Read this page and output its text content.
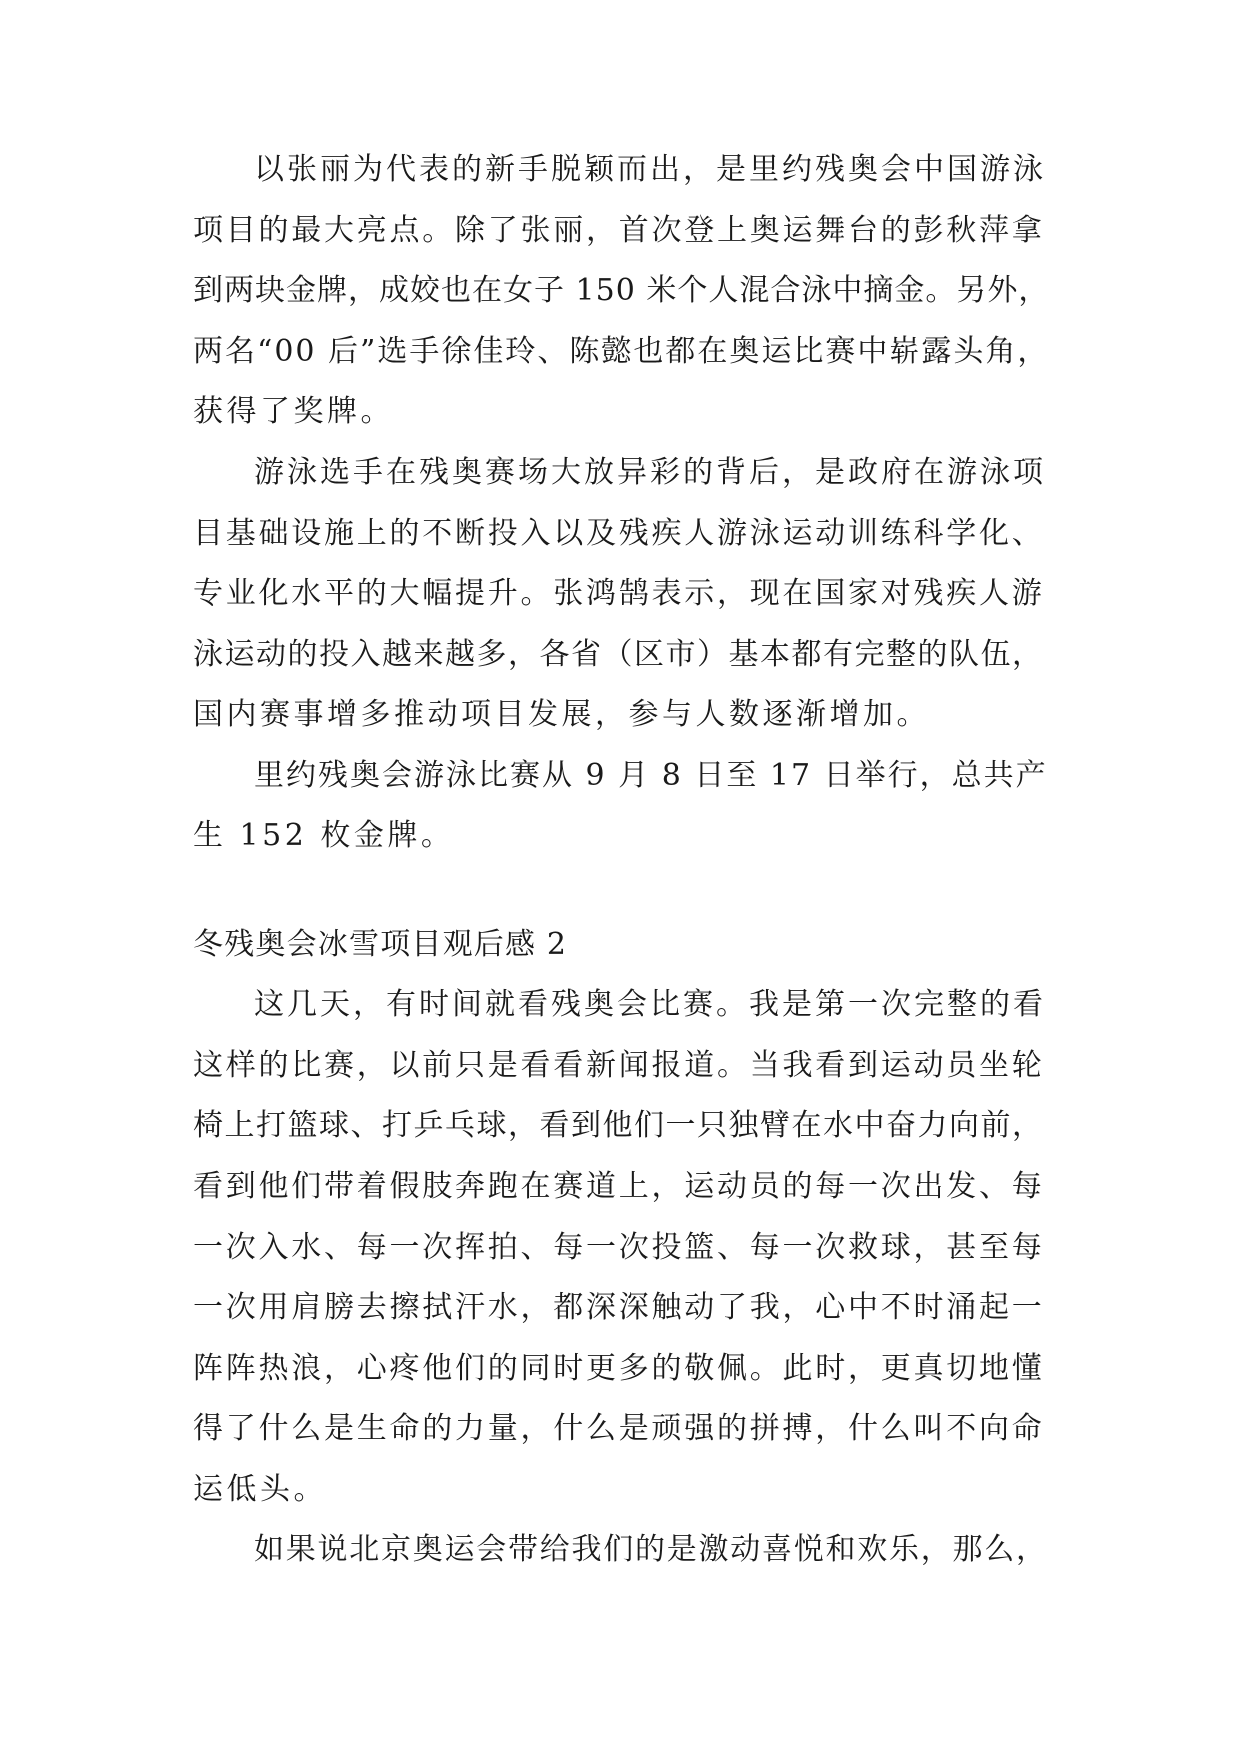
以张丽为代表的新手脱颖而出，是里约残奥会中国游泳
项目的最大亮点。除了张丽，首次登上奥运舞台的彭秋萍拿
到两块金牌，成姣也在女子 150 米个人混合泳中摘金。另外，
两名“00 后”选手徐佳玲、陈懿也都在奥运比赛中崭露头角，
获得了奖牌。
游泳选手在残奥赛场大放异彩的背后，是政府在游泳项
目基础设施上的不断投入以及残疾人游泳运动训练科学化、
专业化水平的大幅提升。张鸿鹄表示，现在国家对残疾人游
泳运动的投入越来越多，各省（区市）基本都有完整的队伍，
国内赛事增多推动项目发展，参与人数逐渐增加。
里约残奥会游泳比赛从 9 月 8 日至 17 日举行，总共产
生 152 枚金牌。
冬残奥会冰雪项目观后感 2
这几天，有时间就看残奥会比赛。我是第一次完整的看
这样的比赛，以前只是看看新闻报道。当我看到运动员坐轮
椅上打篮球、打乒乓球，看到他们一只独臂在水中奋力向前，
看到他们带着假肢奔跑在赛道上，运动员的每一次出发、每
一次入水、每一次挥拍、每一次投篮、每一次救球，甚至每
一次用肩膀去擦拭汗水，都深深触动了我，心中不时涌起一
阵阵热浪，心疼他们的同时更多的敬佩。此时，更真切地懂
得了什么是生命的力量，什么是顽强的拼搏，什么叫不向命
运低头。
如果说北京奥运会带给我们的是激动喜悦和欢乐，那么，
